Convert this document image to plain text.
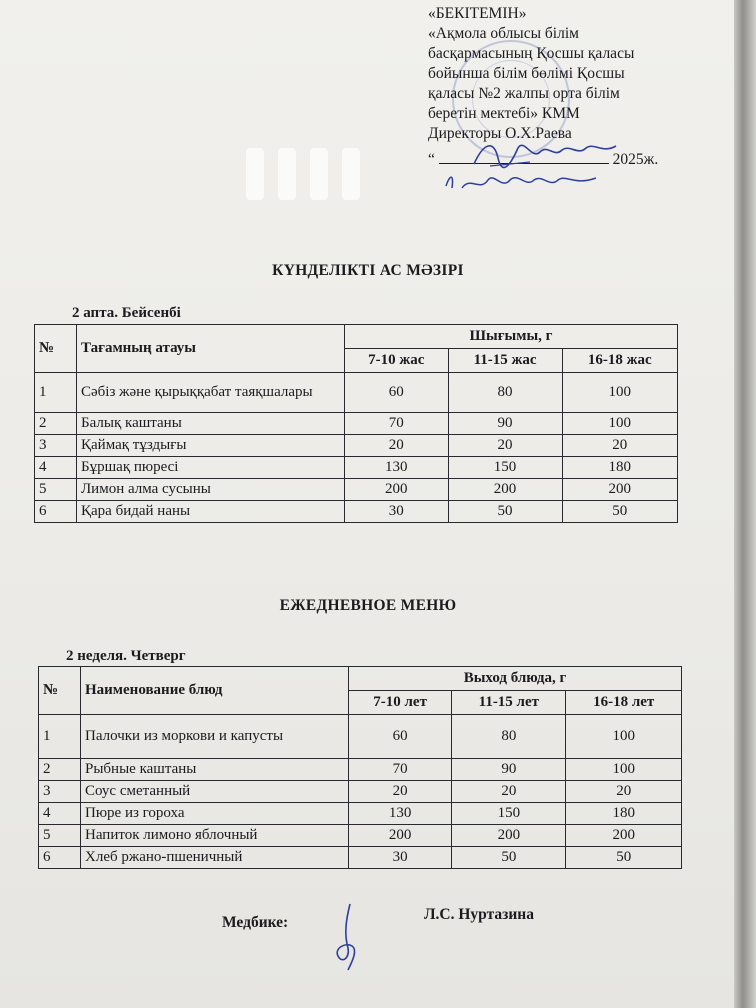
«БЕКІТЕМІН»
«Ақмола облысы білім
басқармасының Қосшы қаласы
бойынша білім бөлімі Қосшы
қаласы №2 жалпы орта білім
беретін мектебі» КММ
Директоры О.Х.Раева
“	2025ж.
КҮНДЕЛІКТІ АС МӘЗІРІ
2 апта. Бейсенбі
№	Тағамның атауы	Шығымы, г		
		7-10 жас	11-15 жас	16-18 жас
1	Сәбіз және қырыққабат таяқшалары	60	80	100
2	Балық каштаны	70	90	100
3	Қаймақ тұздығы	20	20	20
4	Бұршақ пюресі	130	150	180
5	Лимон алма сусыны	200	200	200
6	Қара бидай наны	30	50	50
ЕЖЕДНЕВНОЕ МЕНЮ
2 неделя. Четверг
№	Наименование блюд	Выход блюда, г		
		7-10 лет	11-15 лет	16-18 лет
1	Палочки из моркови и капусты	60	80	100
2	Рыбные каштаны	70	90	100
3	Соус сметанный	20	20	20
4	Пюре из гороха	130	150	180
5	Напиток лимоно яблочный	200	200	200
6	Хлеб ржано-пшеничный	30	50	50
Медбике:	Л.С. Нуртазина
